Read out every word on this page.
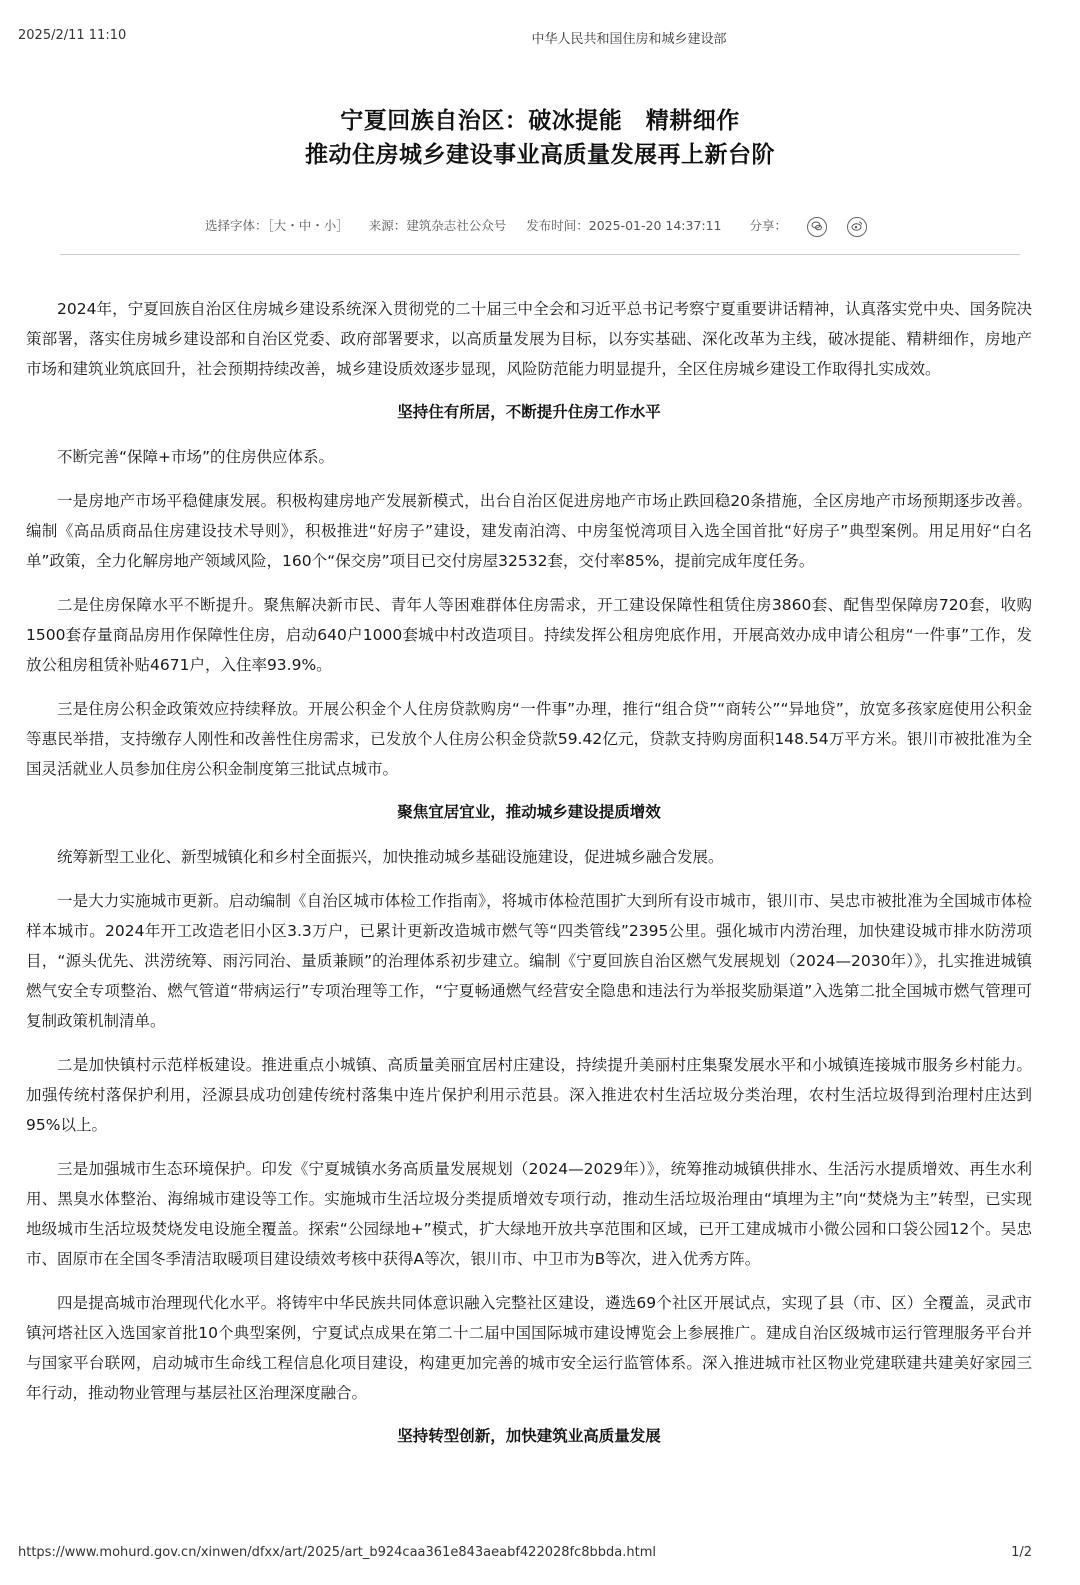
2025/2/11 11:10	中华人民共和国住房和城乡建设部
宁夏回族自治区：破冰提能　精耕细作
推动住房城乡建设事业高质量发展再上新台阶
选择字体：［大・中・小］ 来源：建筑杂志社公众号 发布时间：2025-01-20 14:37:11 分享：

2024年，宁夏回族自治区住房城乡建设系统深入贯彻党的二十届三中全会和习近平总书记考察宁夏重要讲话精神，认真落实党中央、国务院决策部署，落实住房城乡建设部和自治区党委、政府部署要求，以高质量发展为目标，以夯实基础、深化改革为主线，破冰提能、精耕细作，房地产市场和建筑业筑底回升，社会预期持续改善，城乡建设质效逐步显现，风险防范能力明显提升，全区住房城乡建设工作取得扎实成效。

坚持住有所居，不断提升住房工作水平

不断完善“保障+市场”的住房供应体系。

一是房地产市场平稳健康发展。积极构建房地产发展新模式，出台自治区促进房地产市场止跌回稳20条措施，全区房地产市场预期逐步改善。编制《高品质商品住房建设技术导则》，积极推进“好房子”建设，建发南泊湾、中房玺悦湾项目入选全国首批“好房子”典型案例。用足用好“白名单”政策，全力化解房地产领域风险，160个“保交房”项目已交付房屋32532套，交付率85%，提前完成年度任务。

二是住房保障水平不断提升。聚焦解决新市民、青年人等困难群体住房需求，开工建设保障性租赁住房3860套、配售型保障房720套，收购1500套存量商品房用作保障性住房，启动640户1000套城中村改造项目。持续发挥公租房兜底作用，开展高效办成申请公租房“一件事”工作，发放公租房租赁补贴4671户，入住率93.9%。

三是住房公积金政策效应持续释放。开展公积金个人住房贷款购房“一件事”办理，推行“组合贷”“商转公”“异地贷”，放宽多孩家庭使用公积金等惠民举措，支持缴存人刚性和改善性住房需求，已发放个人住房公积金贷款59.42亿元，贷款支持购房面积148.54万平方米。银川市被批准为全国灵活就业人员参加住房公积金制度第三批试点城市。

聚焦宜居宜业，推动城乡建设提质增效

统筹新型工业化、新型城镇化和乡村全面振兴，加快推动城乡基础设施建设，促进城乡融合发展。

一是大力实施城市更新。启动编制《自治区城市体检工作指南》，将城市体检范围扩大到所有设市城市，银川市、吴忠市被批准为全国城市体检样本城市。2024年开工改造老旧小区3.3万户，已累计更新改造城市燃气等“四类管线”2395公里。强化城市内涝治理，加快建设城市排水防涝项目，“源头优先、洪涝统筹、雨污同治、量质兼顾”的治理体系初步建立。编制《宁夏回族自治区燃气发展规划（2024—2030年）》，扎实推进城镇燃气安全专项整治、燃气管道“带病运行”专项治理等工作，“宁夏畅通燃气经营安全隐患和违法行为举报奖励渠道”入选第二批全国城市燃气管理可复制政策机制清单。

二是加快镇村示范样板建设。推进重点小城镇、高质量美丽宜居村庄建设，持续提升美丽村庄集聚发展水平和小城镇连接城市服务乡村能力。加强传统村落保护利用，泾源县成功创建传统村落集中连片保护利用示范县。深入推进农村生活垃圾分类治理，农村生活垃圾得到治理村庄达到95%以上。

三是加强城市生态环境保护。印发《宁夏城镇水务高质量发展规划（2024—2029年）》，统筹推动城镇供排水、生活污水提质增效、再生水利用、黑臭水体整治、海绵城市建设等工作。实施城市生活垃圾分类提质增效专项行动，推动生活垃圾治理由“填埋为主”向“焚烧为主”转型，已实现地级城市生活垃圾焚烧发电设施全覆盖。探索“公园绿地+”模式，扩大绿地开放共享范围和区域，已开工建成城市小微公园和口袋公园12个。吴忠市、固原市在全国冬季清洁取暖项目建设绩效考核中获得A等次，银川市、中卫市为B等次，进入优秀方阵。

四是提高城市治理现代化水平。将铸牢中华民族共同体意识融入完整社区建设，遴选69个社区开展试点，实现了县（市、区）全覆盖，灵武市镇河塔社区入选国家首批10个典型案例，宁夏试点成果在第二十二届中国国际城市建设博览会上参展推广。建成自治区级城市运行管理服务平台并与国家平台联网，启动城市生命线工程信息化项目建设，构建更加完善的城市安全运行监管体系。深入推进城市社区物业党建联建共建美好家园三年行动，推动物业管理与基层社区治理深度融合。

坚持转型创新，加快建筑业高质量发展
https://www.mohurd.gov.cn/xinwen/dfxx/art/2025/art_b924caa361e843aeabf422028fc8bbda.html	1/2
